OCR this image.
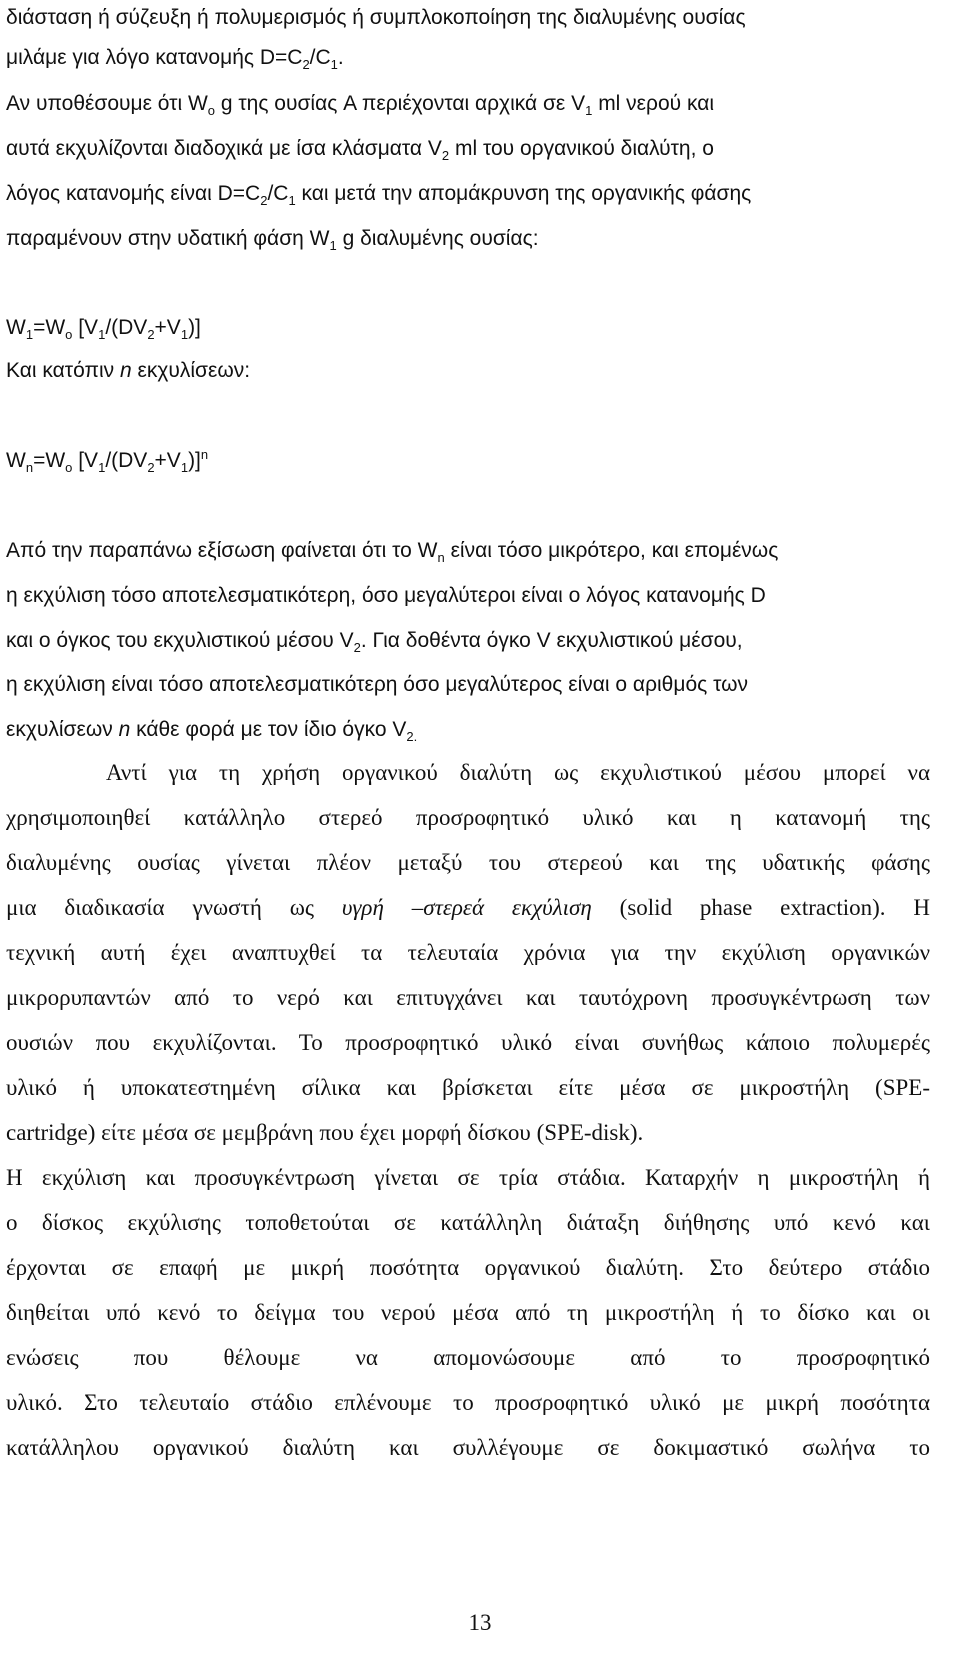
διάσταση ή σύζευξη ή πολυμερισμός ή συμπλοκοποίηση της διαλυμένης ουσίας
μιλάμε για λόγο κατανομής $D=C_2/C_1$.
Αν υποθέσουμε ότι $W_o$ g της ουσίας A περιέχονται αρχικά σε $V_1$ ml νερού και
αυτά εκχυλίζονται διαδοχικά με ίσα κλάσματα $V_2$ ml του οργανικού διαλύτη, ο
λόγος κατανομής είναι $D=C_2/C_1$ και μετά την απομάκρυνση της οργανικής φάσης
παραμένουν στην υδατική φάση $W_1$ g διαλυμένης ουσίας:
$W_1=W_o$ $[V_1/(DV_2+V_1)]$
Και κατόπιν n εκχυλίσεων:
$W_n=W_o$ $[V_1/(DV_2+V_1)]^n$
Από την παραπάνω εξίσωση φαίνεται ότι το $W_n$ είναι τόσο μικρότερο, και επομένως
η εκχύλιση τόσο αποτελεσματικότερη, όσο μεγαλύτεροι είναι ο λόγος κατανομής D
και ο όγκος του εκχυλιστικού μέσου $V_2$. Για δοθέντα όγκο V εκχυλιστικού μέσου,
η εκχύλιση είναι τόσο αποτελεσματικότερη όσο μεγαλύτερος είναι ο αριθμός των
εκχυλίσεων n κάθε φορά με τον ίδιο όγκο $V_{2.}$
Αντί για τη χρήση οργανικού διαλύτη ως εκχυλιστικού μέσου μπορεί να
χρησιμοποιηθεί κατάλληλο στερεό προσροφητικό υλικό και η κατανομή της
διαλυμένης ουσίας γίνεται πλέον μεταξύ του στερεού και της υδατικής φάσης
μια διαδικασία γνωστή ως υγρή –στερεά εκχύλιση (solid phase extraction). Η
τεχνική αυτή έχει αναπτυχθεί τα τελευταία χρόνια για την εκχύλιση οργανικών
μικρορυπαντών από το νερό και επιτυγχάνει και ταυτόχρονη προσυγκέντρωση των
ουσιών που εκχυλίζονται. Το προσροφητικό υλικό είναι συνήθως κάποιο πολυμερές
υλικό ή υποκατεστημένη σίλικα και βρίσκεται είτε μέσα σε μικροστήλη (SPE-
cartridge) είτε μέσα σε μεμβράνη που έχει μορφή δίσκου (SPE-disk).
Η εκχύλιση και προσυγκέντρωση γίνεται σε τρία στάδια. Καταρχήν η μικροστήλη ή
ο δίσκος εκχύλισης τοποθετούται σε κατάλληλη διάταξη διήθησης υπό κενό και
έρχονται σε επαφή με μικρή ποσότητα οργανικού διαλύτη. Στο δεύτερο στάδιο
διηθείται υπό κενό το δείγμα του νερού μέσα από τη μικροστήλη ή το δίσκο και οι
ενώσεις που θέλουμε να απομονώσουμε από το προσροφητικό
υλικό. Στο τελευταίο στάδιο επλένουμε το προσροφητικό υλικό με μικρή ποσότητα
κατάλληλου οργανικού διαλύτη και συλλέγουμε σε δοκιμαστικό σωλήνα το
13
